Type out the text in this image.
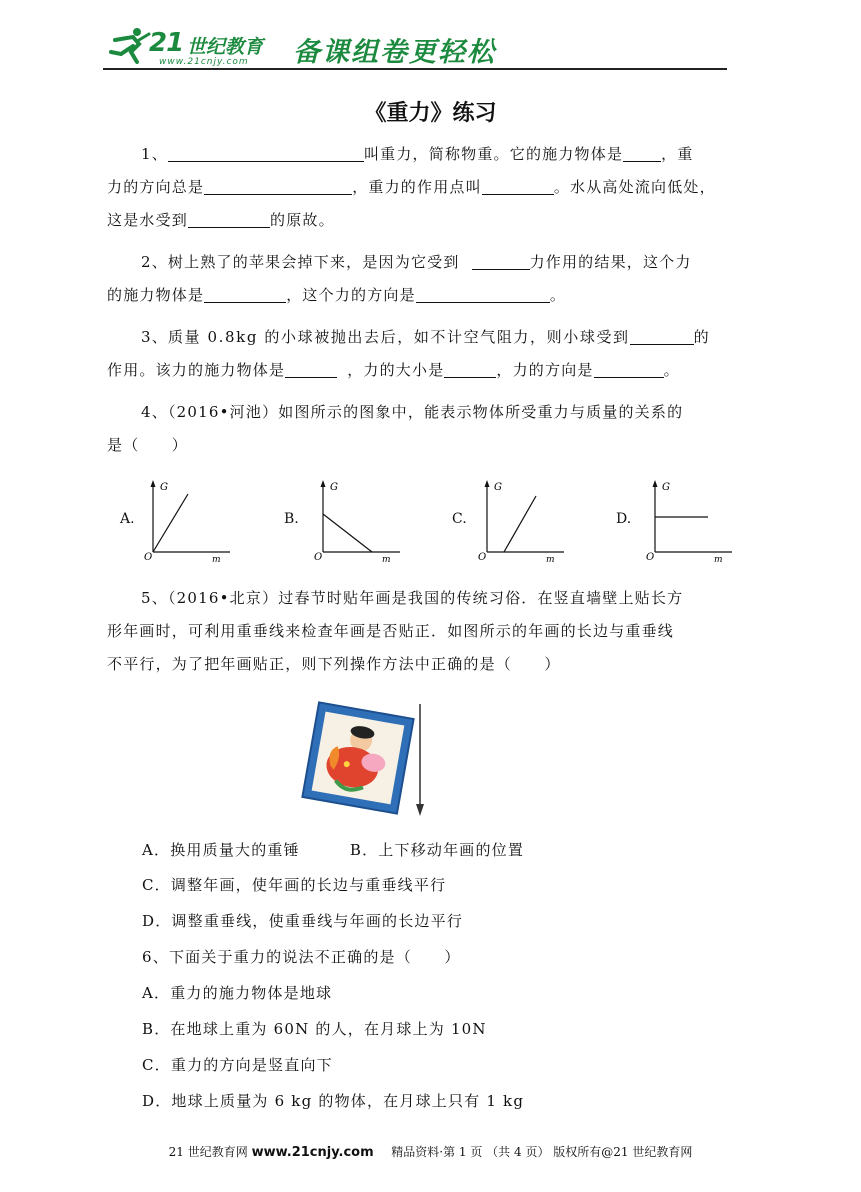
21 世纪教育
www.21cnjy.com 备课组卷更轻松
《重力》练习
1、	叫重力，简称物重。它的施力物体是	，重
力的方向总是	，重力的作用点叫	。水从高处流向低处，
这是水受到	的原故。
2、树上熟了的苹果会掉下来，是因为它受到	力作用的结果，这个力
的施力物体是	，这个力的方向是	。
3、质量 0.8kg 的小球被抛出去后，如不计空气阻力，则小球受到	的
作用。该力的施力物体是	，力的大小是	，力的方向是	。
4、（2016•河池）如图所示的图象中，能表示物体所受重力与质量的关系的
是（　　）
A.
G
O	m
B.
G
O	m
C.
G
O	m
D.
G
O	m
5、（2016•北京）过春节时贴年画是我国的传统习俗．在竖直墙壁上贴长方
形年画时，可利用重垂线来检查年画是否贴正．如图所示的年画的长边与重垂线
不平行，为了把年画贴正，则下列操作方法中正确的是（　　）
A．换用质量大的重锤	B．上下移动年画的位置
C．调整年画，使年画的长边与重垂线平行
D．调整重垂线，使重垂线与年画的长边平行
6、下面关于重力的说法不正确的是（　　）
A．重力的施力物体是地球
B．在地球上重为 60N 的人，在月球上为 10N
C．重力的方向是竖直向下
D．地球上质量为 6 kg 的物体，在月球上只有 1 kg
21 世纪教育网 www.21cnjy.com 精品资料·第 1 页 （共 4 页） 版权所有@21 世纪教育网
